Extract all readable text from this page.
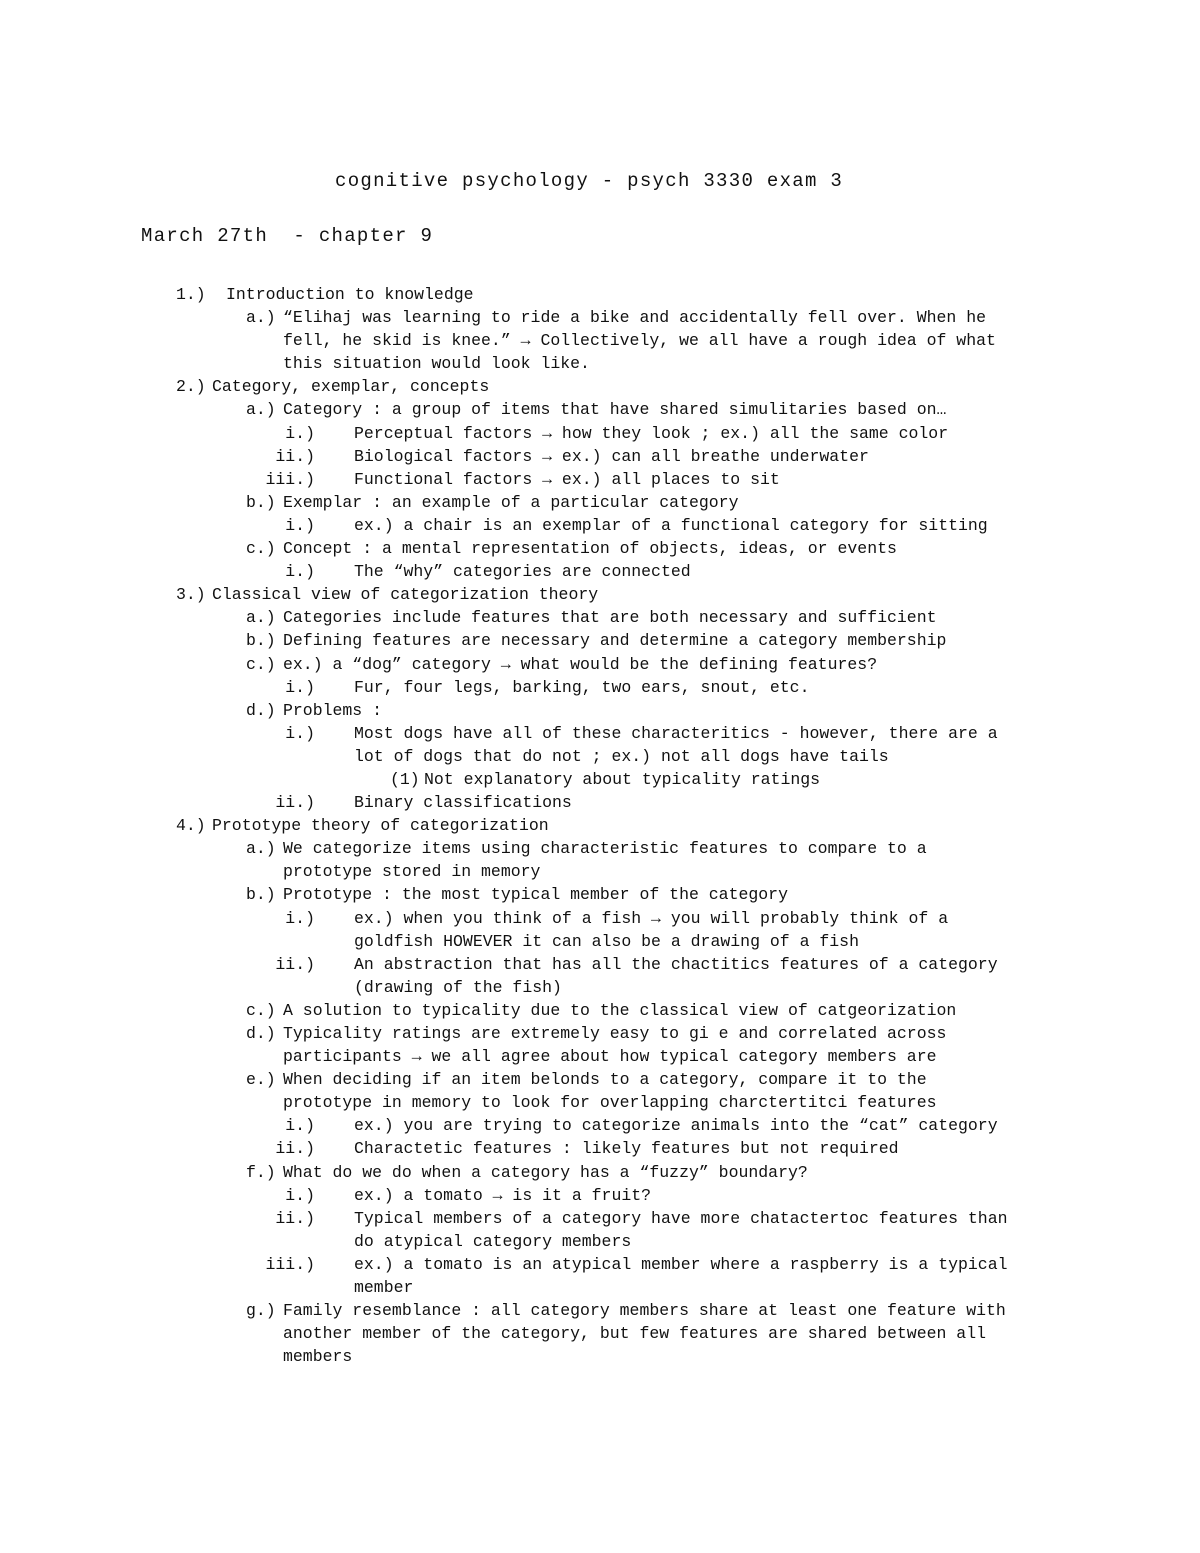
cognitive psychology - psych 3330 exam 3
March 27th  - chapter 9
1.) Introduction to knowledge
a.) “Elihaj was learning to ride a bike and accidentally fell over. When he
fell, he skid is knee.” → Collectively, we all have a rough idea of what
this situation would look like.
2.) Category, exemplar, concepts
a.) Category : a group of items that have shared simulitaries based on…
i.) Perceptual factors → how they look ; ex.) all the same color
ii.) Biological factors → ex.) can all breathe underwater
iii.) Functional factors → ex.) all places to sit
b.) Exemplar : an example of a particular category
i.) ex.) a chair is an exemplar of a functional category for sitting
c.) Concept : a mental representation of objects, ideas, or events
i.) The “why” categories are connected
3.) Classical view of categorization theory
a.) Categories include features that are both necessary and sufficient
b.) Defining features are necessary and determine a category membership
c.) ex.) a “dog” category → what would be the defining features?
i.) Fur, four legs, barking, two ears, snout, etc.
d.) Problems :
i.) Most dogs have all of these characteritics - however, there are a
lot of dogs that do not ; ex.) not all dogs have tails
(1) Not explanatory about typicality ratings
ii.) Binary classifications
4.) Prototype theory of categorization
a.) We categorize items using characteristic features to compare to a
prototype stored in memory
b.) Prototype : the most typical member of the category
i.) ex.) when you think of a fish → you will probably think of a
goldfish HOWEVER it can also be a drawing of a fish
ii.) An abstraction that has all the chactitics features of a category
(drawing of the fish)
c.) A solution to typicality due to the classical view of catgeorization
d.) Typicality ratings are extremely easy to gi e and correlated across
participants → we all agree about how typical category members are
e.) When deciding if an item belonds to a category, compare it to the
prototype in memory to look for overlapping charctertitci features
i.) ex.) you are trying to categorize animals into the “cat” category
ii.) Charactetic features : likely features but not required
f.) What do we do when a category has a “fuzzy” boundary?
i.) ex.) a tomato → is it a fruit?
ii.) Typical members of a category have more chatactertoc features than
do atypical category members
iii.) ex.) a tomato is an atypical member where a raspberry is a typical
member
g.) Family resemblance : all category members share at least one feature with
another member of the category, but few features are shared between all
members
